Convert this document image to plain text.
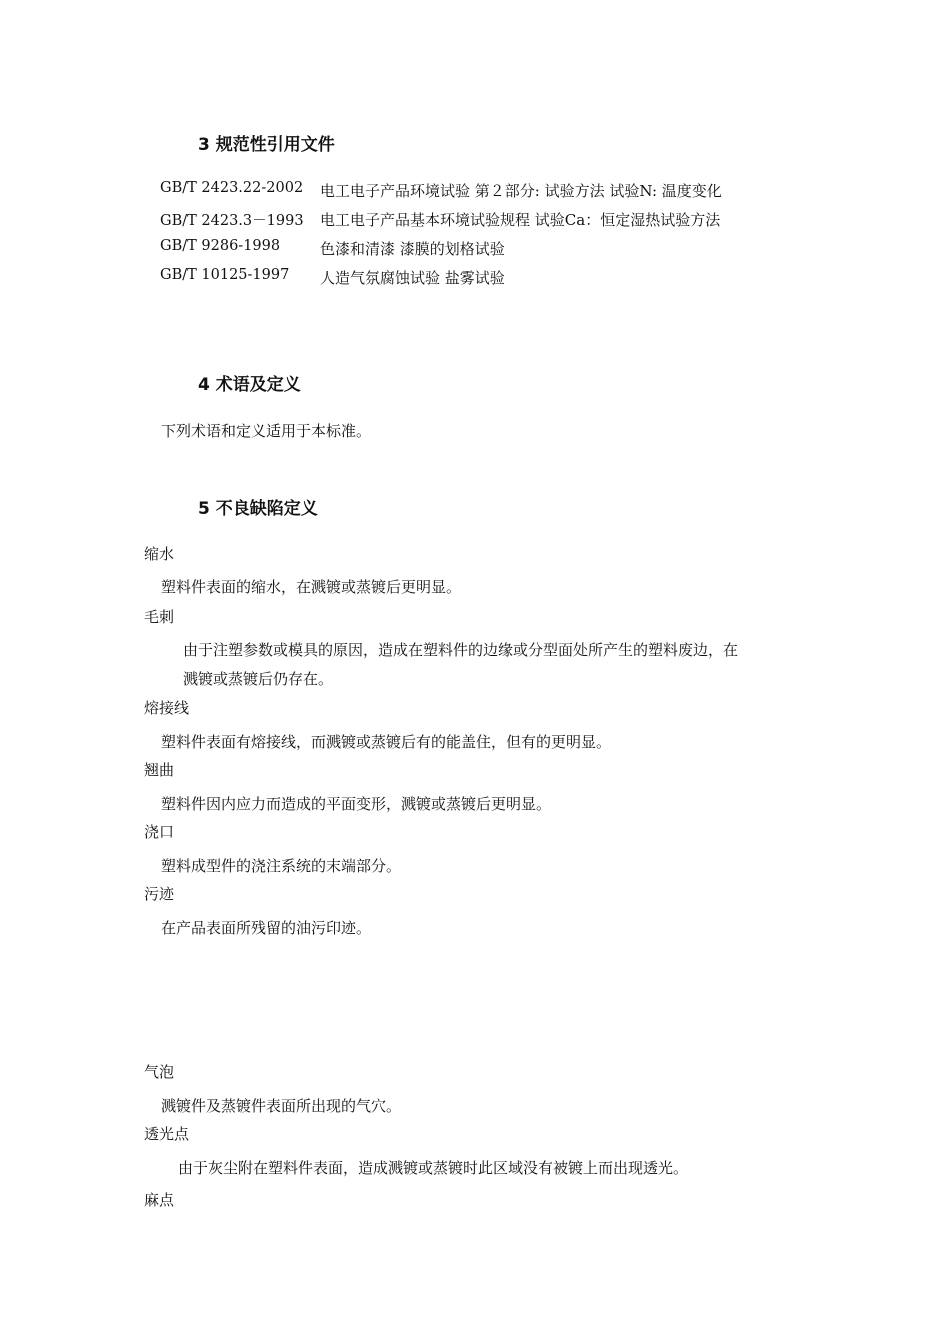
3 规范性引用文件
GB/T 2423.22-2002 电工电子产品环境试验 第２部分: 试验方法 试验N: 温度变化
GB/T 2423.3－1993 电工电子产品基本环境试验规程 试验Ca：恒定湿热试验方法
GB/T 9286-1998	色漆和清漆 漆膜的划格试验
GB/T 10125-1997 人造气氛腐蚀试验 盐雾试验
4 术语及定义
下列术语和定义适用于本标准。
5 不良缺陷定义
缩水
塑料件表面的缩水，在溅镀或蒸镀后更明显。
毛刺
由于注塑参数或模具的原因，造成在塑料件的边缘或分型面处所产生的塑料废边，在
溅镀或蒸镀后仍存在。
熔接线
塑料件表面有熔接线，而溅镀或蒸镀后有的能盖住，但有的更明显。
翘曲
塑料件因内应力而造成的平面变形，溅镀或蒸镀后更明显。
浇口
塑料成型件的浇注系统的末端部分。
污迹
在产品表面所残留的油污印迹。
气泡
溅镀件及蒸镀件表面所出现的气穴。
透光点
由于灰尘附在塑料件表面，造成溅镀或蒸镀时此区域没有被镀上而出现透光。
麻点
